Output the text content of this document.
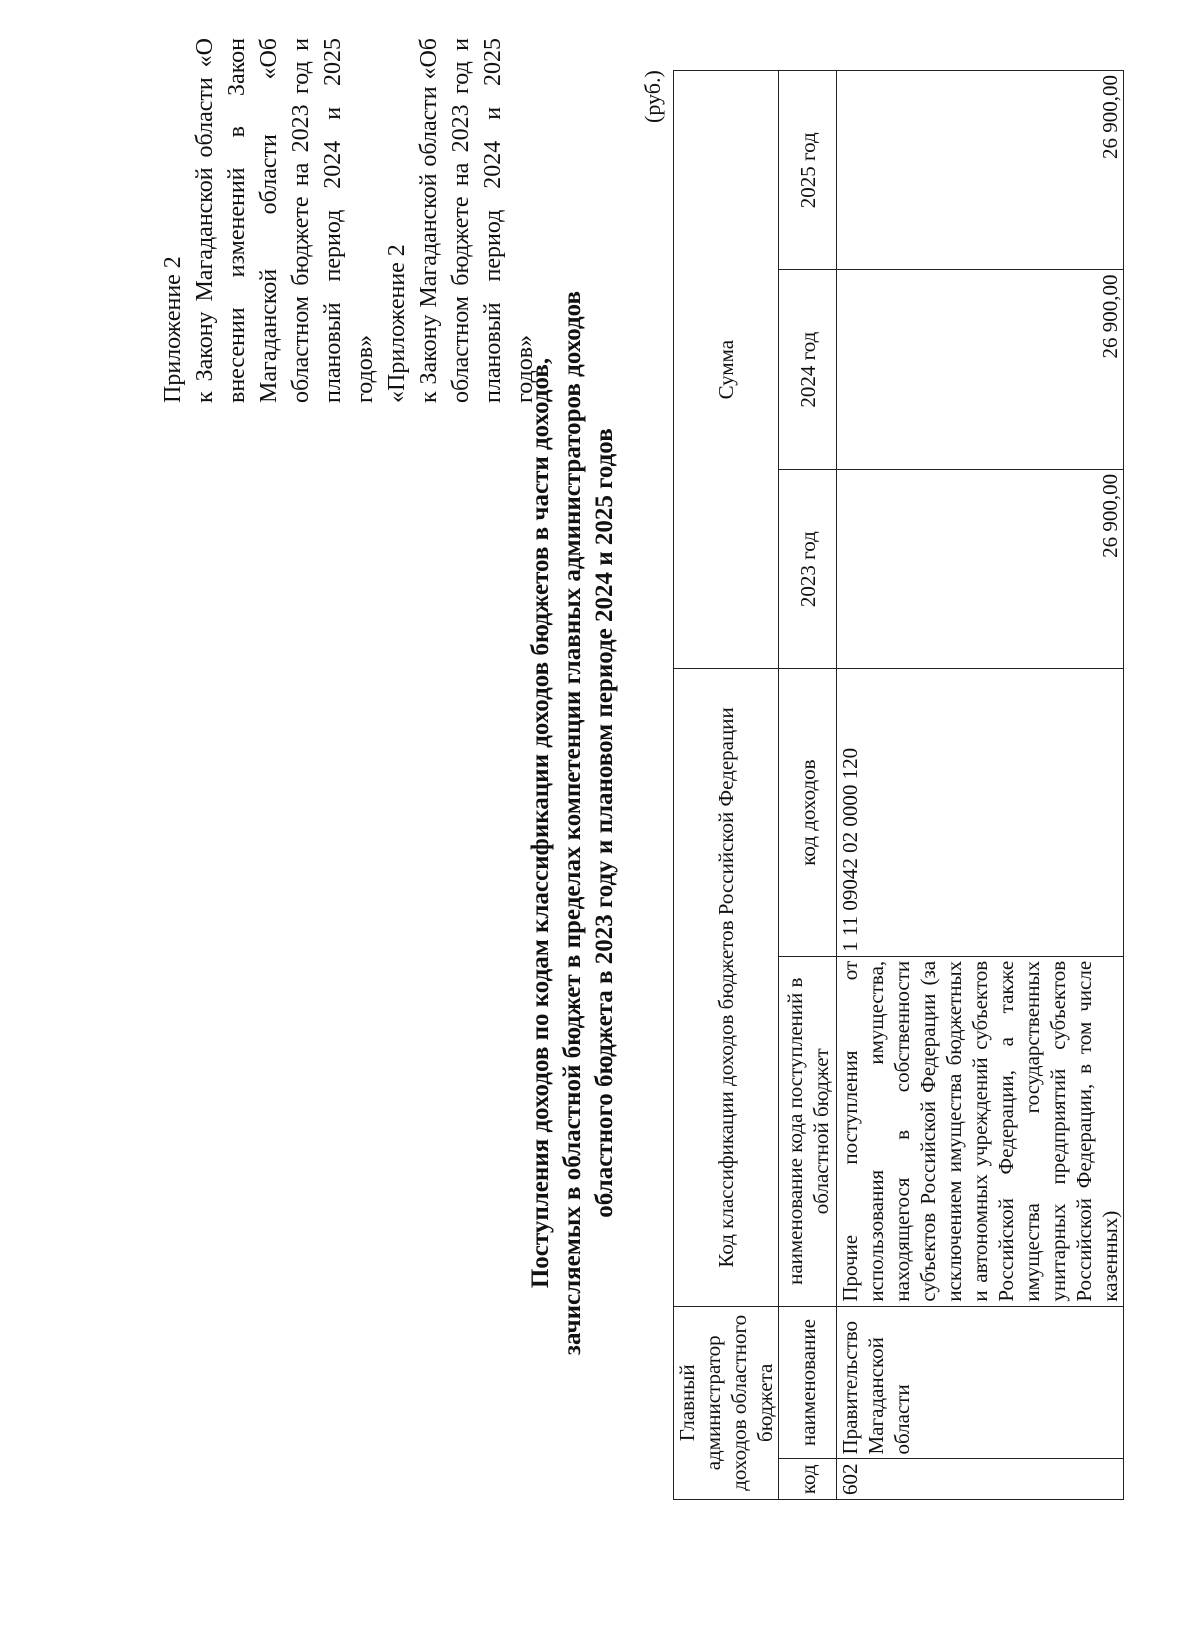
Приложение 2 к Закону Магаданской области «О внесении изменений в Закон Магаданской области «Об областном бюджете на 2023 год и плановый период 2024 и 2025 годов» «Приложение 2 к Закону Магаданской области «Об областном бюджете на 2023 год и плановый период 2024 и 2025 годов»
Поступления доходов по кодам классификации доходов бюджетов в части доходов, зачисляемых в областной бюджет в пределах компетенции главных администраторов доходов областного бюджета в 2023 году и плановом периоде 2024 и 2025 годов
(руб.)
Главный администратор доходов областного бюджета		Код классификации доходов бюджетов Российской Федерации		Сумма		
код	наименование	наименование кода поступлений в областной бюджет	код доходов	2023 год	2024 год	2025 год
602	Правительство Магаданской области	Прочие поступления от использования имущества, находящегося в собственности субъектов Российской Федерации (за исключением имущества бюджетных и автономных учреждений субъектов Российской Федерации, а также имущества государственных унитарных предприятий субъектов Российской Федерации, в том числе казенных)	1 11 09042 02 0000 120	26 900,00	26 900,00	26 900,00
